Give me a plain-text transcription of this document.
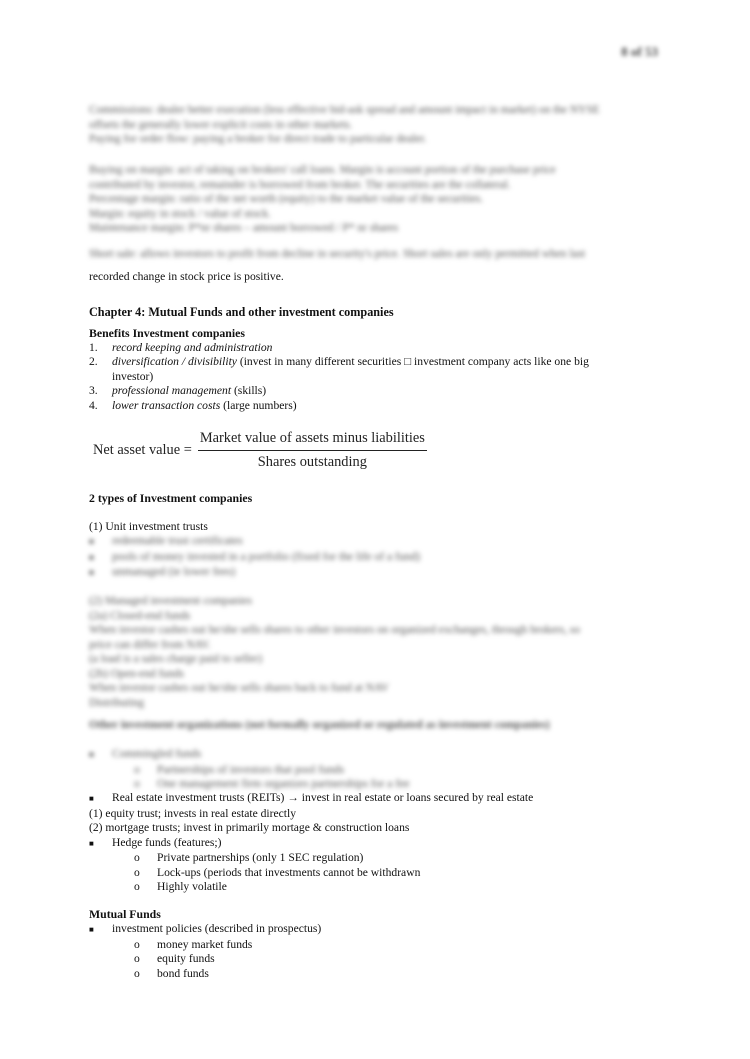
8 of 53
Commissions: dealer better execution (less effective bid-ask spread and amount impact in market) on the NYSE
offsets the generally lower explicit costs in other markets.
Paying for order flow: paying a broker for direct trade to particular dealer.
Buying on margin: act of taking on brokers' call loans. Margin is account portion of the purchase price
contributed by investor, remainder is borrowed from broker. The securities are the collateral.
Percentage margin: ratio of the net worth (equity) to the market value of the securities.
Margin: equity in stock / value of stock.
Maintenance margin: P*nr shares – amount borrowed / P* nr shares
Short sale: allows investors to profit from decline in security's price. Short sales are only permitted when last
recorded change in stock price is positive.
Chapter 4: Mutual Funds and other investment companies
Benefits Investment companies
1.	record keeping and administration
2.	diversification / divisibility (invest in many different securities □ investment company acts like one big
investor)
3.	professional management (skills)
4.	lower transaction costs (large numbers)
Net asset value = $\frac{\text{Market value of assets minus liabilities}}{\text{Shares outstanding}}$
2 types of Investment companies
(1) Unit investment trusts
■	redeemable trust certificates
■	pools of money invested in a portfolio (fixed for the life of a fund)
■	unmanaged (ie lower fees)
(2) Managed investment companies
(2a) Closed-end funds
When investor cashes out he/she sells shares to other investors on organized exchanges, through brokers, so
price can differ from NAV.
(a load is a sales charge paid to seller)
(2b) Open-end funds
When investor cashes out he/she sells shares back to fund at NAV
Distributing
Other investment organizations (not formally organized or regulated as investment companies)
■	Commingled funds
o	Partnerships of investors that pool funds
o	One management firm organizes partnerships for a fee
■	Real estate investment trusts (REITs) → invest in real estate or loans secured by real estate
(1) equity trust; invests in real estate directly
(2) mortgage trusts; invest in primarily mortage & construction loans
■	Hedge funds (features;)
o	Private partnerships (only 1 SEC regulation)
o	Lock-ups (periods that investments cannot be withdrawn
o	Highly volatile
Mutual Funds
■	investment policies (described in prospectus)
o	money market funds
o	equity funds
o	bond funds
